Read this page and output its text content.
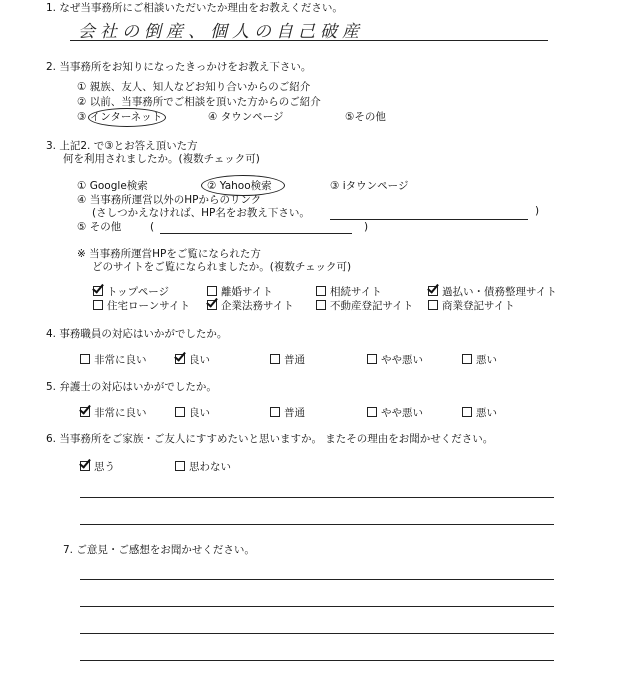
1. なぜ当事務所にご相談いただいたか理由をお教えください。
会社の倒産、個人の自己破産
2. 当事務所をお知りになったきっかけをお教え下さい。
① 親族、友人、知人などお知り合いからのご紹介
② 以前、当事務所でご相談を頂いた方からのご紹介
③ インターネット	④ タウンページ	⑤その他
3. 上記2. で③とお答え頂いた方
何を利用されましたか。(複数チェック可)
① Google検索	② Yahoo検索	③ iタウンページ
④ 当事務所運営以外のHPからのリンク
(さしつかえなければ、HP名をお教え下さい。	)
⑤ その他	(	)
※ 当事務所運営HPをご覧になられた方
どのサイトをご覧になられましたか。(複数チェック可)
トップページ	離婚サイト	相続サイト	過払い・債務整理サイト
住宅ローンサイト	企業法務サイト	不動産登記サイト	商業登記サイト
4. 事務職員の対応はいかがでしたか。
非常に良い	良い	普通	やや悪い	悪い
5. 弁護士の対応はいかがでしたか。
非常に良い	良い	普通	やや悪い	悪い
6. 当事務所をご家族・ご友人にすすめたいと思いますか。 またその理由をお聞かせください。
思う	思わない
7. ご意見・ご感想をお聞かせください。
